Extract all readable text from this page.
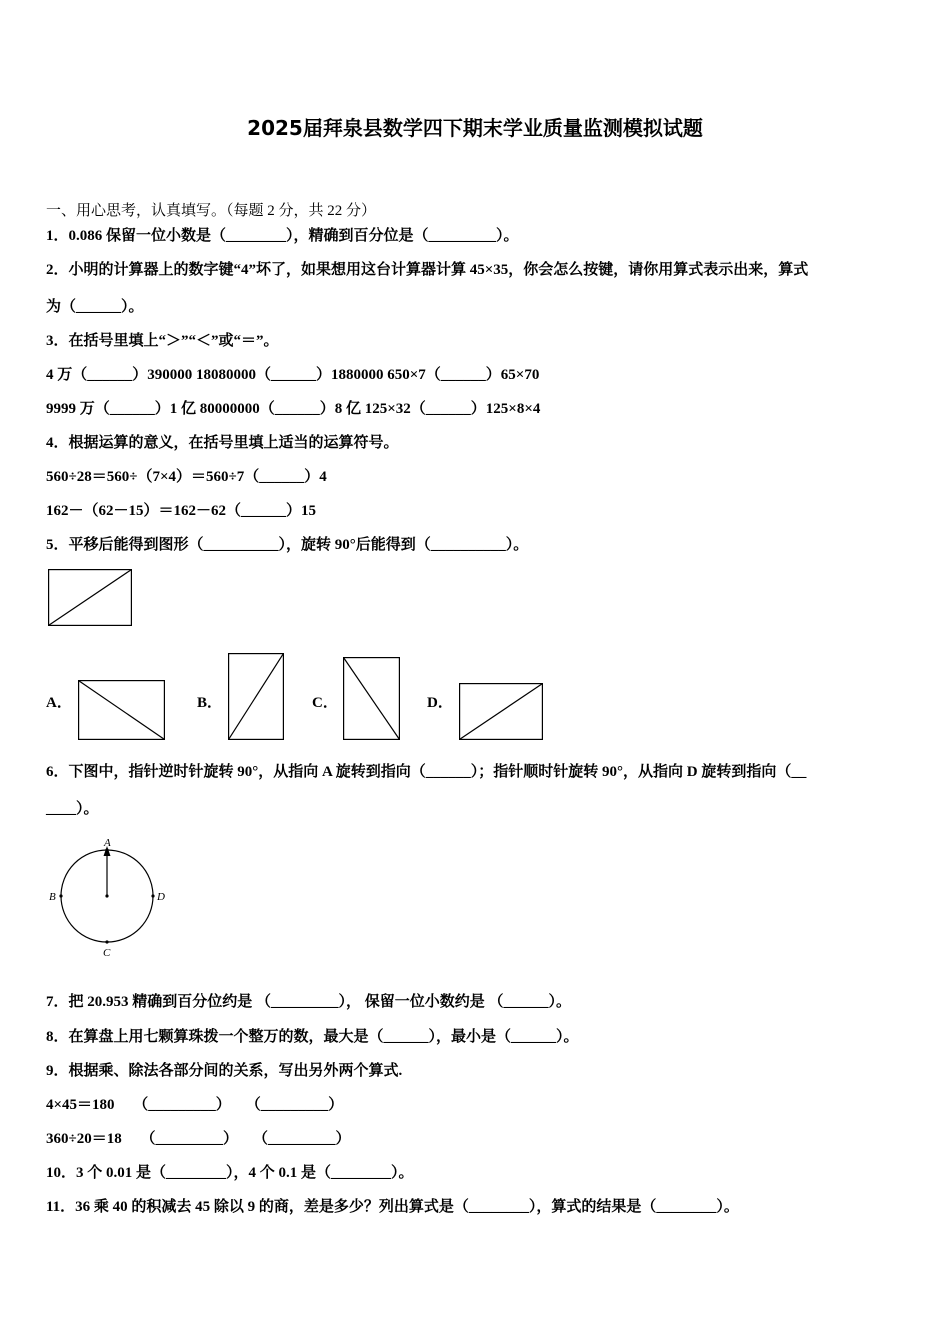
2025届拜泉县数学四下期末学业质量监测模拟试题
一、用心思考，认真填写。（每题 2 分，共 22 分）
1．0.086 保留一位小数是（________），精确到百分位是（_________）。
2．小明的计算器上的数字键“4”坏了，如果想用这台计算器计算 45×35，你会怎么按键，请你用算式表示出来，算式
为（______）。
3．在括号里填上“＞”“＜”或“＝”。
4 万（______）390000 18080000（______）1880000 650×7（______）65×70
9999 万（______）1 亿 80000000（______）8 亿 125×32（______）125×8×4
4．根据运算的意义，在括号里填上适当的运算符号。
560÷28＝560÷（7×4）＝560÷7（______）4
162－（62－15）＝162－62（______）15
5．平移后能得到图形（__________），旋转 90°后能得到（__________）。
A．	B．	C．	D．
6．下图中，指针逆时针旋转 90°，从指向 A 旋转到指向（______）；指针顺时针旋转 90°，从指向 D 旋转到指向（__
____）。
A
B	D
C
7．把 20.953 精确到百分位约是 （_________）， 保留一位小数约是 （______）。
8．在算盘上用七颗算珠拨一个整万的数，最大是（______），最小是（______）。
9．根据乘、除法各部分间的关系，写出另外两个算式.
4×45＝180     （_________）    （_________）
360÷20＝18     （_________）    （_________）
10．3 个 0.01 是（________），4 个 0.1 是（________）。
11．36 乘 40 的积减去 45 除以 9 的商，差是多少？列出算式是（________），算式的结果是（________）。
